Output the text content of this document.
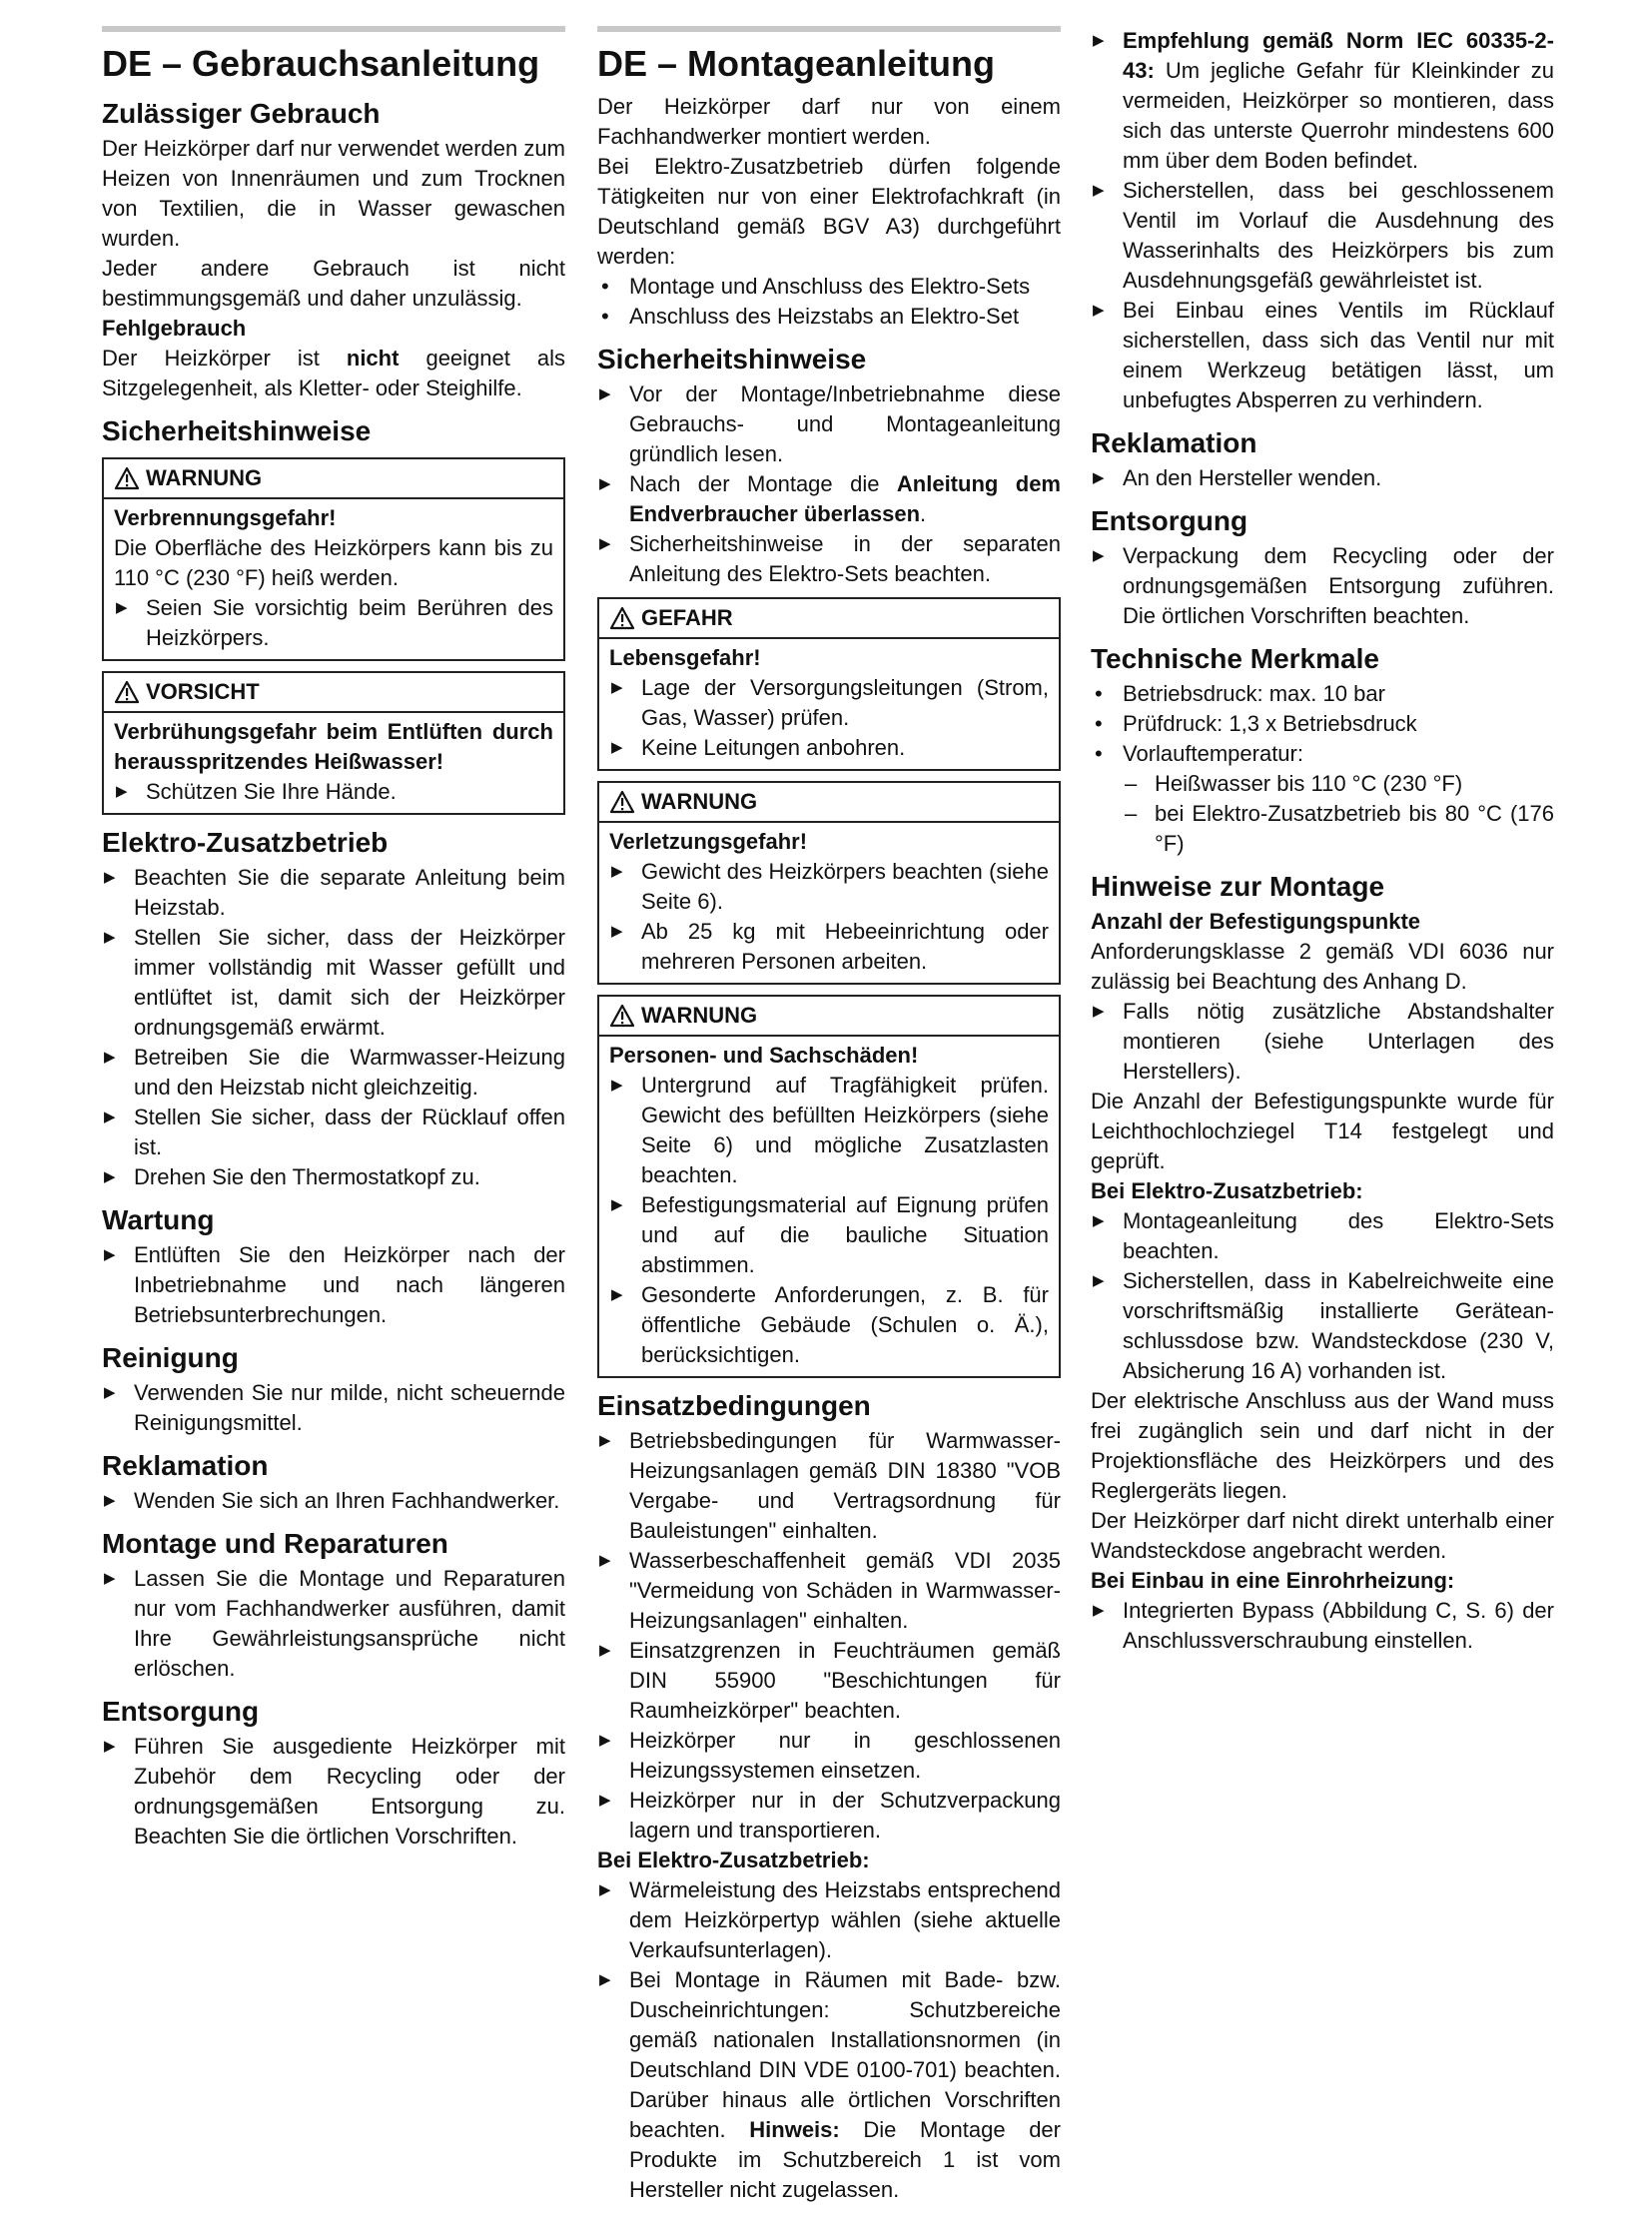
DE – Gebrauchsanleitung
Zulässiger Gebrauch

Der Heizkörper darf nur verwendet werden zum Heizen von Innenräumen und zum Trocknen von Textilien, die in Wasser gewaschen wurden.

Jeder andere Gebrauch ist nicht bestimmungsgemäß und daher unzulässig.

Fehlgebrauch

Der Heizkörper ist nicht geeignet als Sitzgelegenheit, als Kletter- oder Steighilfe.

Sicherheitshinweise
WARNUNG
Verbrennungsgefahr!

Die Oberfläche des Heizkörpers kann bis zu 110 °C (230 °F) heiß werden.

▶ Seien Sie vorsichtig beim Berühren des Heizkörpers.
VORSICHT
Verbrühungsgefahr beim Entlüften durch herausspritzendes Heißwasser!
▶ Schützen Sie Ihre Hände.
Elektro-Zusatzbetrieb
▶ Beachten Sie die separate Anleitung beim Heizstab.
▶ Stellen Sie sicher, dass der Heizkörper immer vollständig mit Wasser gefüllt und entlüftet ist, damit sich der Heizkörper ordnungsgemäß erwärmt.
▶ Betreiben Sie die Warmwasser-Heizung und den Heizstab nicht gleichzeitig.
▶ Stellen Sie sicher, dass der Rücklauf offen ist.
▶ Drehen Sie den Thermostatkopf zu.
Wartung
▶ Entlüften Sie den Heizkörper nach der Inbetriebnahme und nach längeren Betriebsunterbrechungen.
Reinigung
▶ Verwenden Sie nur milde, nicht scheuernde Reinigungsmittel.
Reklamation
▶ Wenden Sie sich an Ihren Fachhandwerker.
Montage und Reparaturen
▶ Lassen Sie die Montage und Reparaturen nur vom Fachhandwerker ausführen, damit Ihre Gewährleistungsansprüche nicht erlöschen.
Entsorgung
▶ Führen Sie ausgediente Heizkörper mit Zubehör dem Recycling oder der ordnungsgemäßen Entsorgung zu. Beachten Sie die örtlichen Vorschriften.
DE – Montageanleitung

Der Heizkörper darf nur von einem Fachhandwerker montiert werden.

Bei Elektro-Zusatzbetrieb dürfen folgende Tätigkeiten nur von einer Elektrofachkraft (in Deutschland gemäß BGV A3) durchgeführt werden:

• Montage und Anschluss des Elektro-Sets
• Anschluss des Heizstabs an Elektro-Set
Sicherheitshinweise
▶ Vor der Montage/Inbetriebnahme diese Gebrauchs- und Montageanleitung gründlich lesen.
▶ Nach der Montage die Anleitung dem Endverbraucher überlassen.
▶ Sicherheitshinweise in der separaten Anleitung des Elektro-Sets beachten.
GEFAHR
Lebensgefahr!
▶ Lage der Versorgungsleitungen (Strom, Gas, Wasser) prüfen.
▶ Keine Leitungen anbohren.
WARNUNG
Verletzungsgefahr!
▶ Gewicht des Heizkörpers beachten (siehe Seite 6).
▶ Ab 25 kg mit Hebeeinrichtung oder mehreren Personen arbeiten.
WARNUNG
Personen- und Sachschäden!
▶ Untergrund auf Tragfähigkeit prüfen. Gewicht des befüllten Heizkörpers (siehe Seite 6) und mögliche Zusatzlasten beachten.
▶ Befestigungsmaterial auf Eignung prüfen und auf die bauliche Situation abstimmen.
▶ Gesonderte Anforderungen, z. B. für öffentliche Gebäude (Schulen o. Ä.), berücksichtigen.
Einsatzbedingungen
▶ Betriebsbedingungen für Warmwasser-Heizungsanlagen gemäß DIN 18380 "VOB Vergabe- und Vertragsordnung für Bauleistungen" einhalten.
▶ Wasserbeschaffenheit gemäß VDI 2035 "Vermeidung von Schäden in Warmwasser-Heizungsanlagen" einhalten.
▶ Einsatzgrenzen in Feuchträumen gemäß DIN 55900 "Beschichtungen für Raumheizkörper" beachten.
▶ Heizkörper nur in geschlossenen Heizungssystemen einsetzen.
▶ Heizkörper nur in der Schutzverpackung lagern und transportieren.
Bei Elektro-Zusatzbetrieb:
▶ Wärmeleistung des Heizstabs entsprechend dem Heizkörpertyp wählen (siehe aktuelle Verkaufsunterlagen).
▶ Bei Montage in Räumen mit Bade- bzw. Duscheinrichtungen: Schutzbereiche gemäß nationalen Installationsnormen (in Deutschland DIN VDE 0100-701) beachten. Darüber hinaus alle örtlichen Vorschriften beachten. Hinweis: Die Montage der Produkte im Schutzbereich 1 ist vom Hersteller nicht zugelassen.
▶ Empfehlung gemäß Norm IEC 60335-2-43: Um jegliche Gefahr für Kleinkinder zu vermeiden, Heizkörper so montieren, dass sich das unterste Querrohr mindestens 600 mm über dem Boden befindet.
▶ Sicherstellen, dass bei geschlossenem Ventil im Vorlauf die Ausdehnung des Wasserinhalts des Heizkörpers bis zum Ausdehnungsgefäß gewährleistet ist.
▶ Bei Einbau eines Ventils im Rücklauf sicherstellen, dass sich das Ventil nur mit einem Werkzeug betätigen lässt, um unbefugtes Absperren zu verhindern.
Reklamation
▶ An den Hersteller wenden.
Entsorgung
▶ Verpackung dem Recycling oder der ordnungsgemäßen Entsorgung zuführen. Die örtlichen Vorschriften beachten.
Technische Merkmale
• Betriebsdruck: max. 10 bar
• Prüfdruck: 1,3 x Betriebsdruck
• Vorlauftemperatur:
– Heißwasser bis 110 °C (230 °F)
– bei Elektro-Zusatzbetrieb bis 80 °C (176 °F)
Hinweise zur Montage
Anzahl der Befestigungspunkte

Anforderungsklasse 2 gemäß VDI 6036 nur zulässig bei Beachtung des Anhang D.

▶ Falls nötig zusätzliche Abstandshalter montieren (siehe Unterlagen des Herstellers).

Die Anzahl der Befestigungspunkte wurde für Leichthochlochziegel T14 festgelegt und geprüft.

Bei Elektro-Zusatzbetrieb:
▶ Montageanleitung des Elektro-Sets beachten.
▶ Sicherstellen, dass in Kabelreichweite eine vorschriftsmäßig installierte Geräteanschlussdose bzw. Wandsteckdose (230 V, Absicherung 16 A) vorhanden ist.

Der elektrische Anschluss aus der Wand muss frei zugänglich sein und darf nicht in der Projektionsfläche des Heizkörpers und des Reglergeräts liegen.

Der Heizkörper darf nicht direkt unterhalb einer Wandsteckdose angebracht werden.

Bei Einbau in eine Einrohrheizung:
▶ Integrierten Bypass (Abbildung C, S. 6) der Anschlussverschraubung einstellen.
